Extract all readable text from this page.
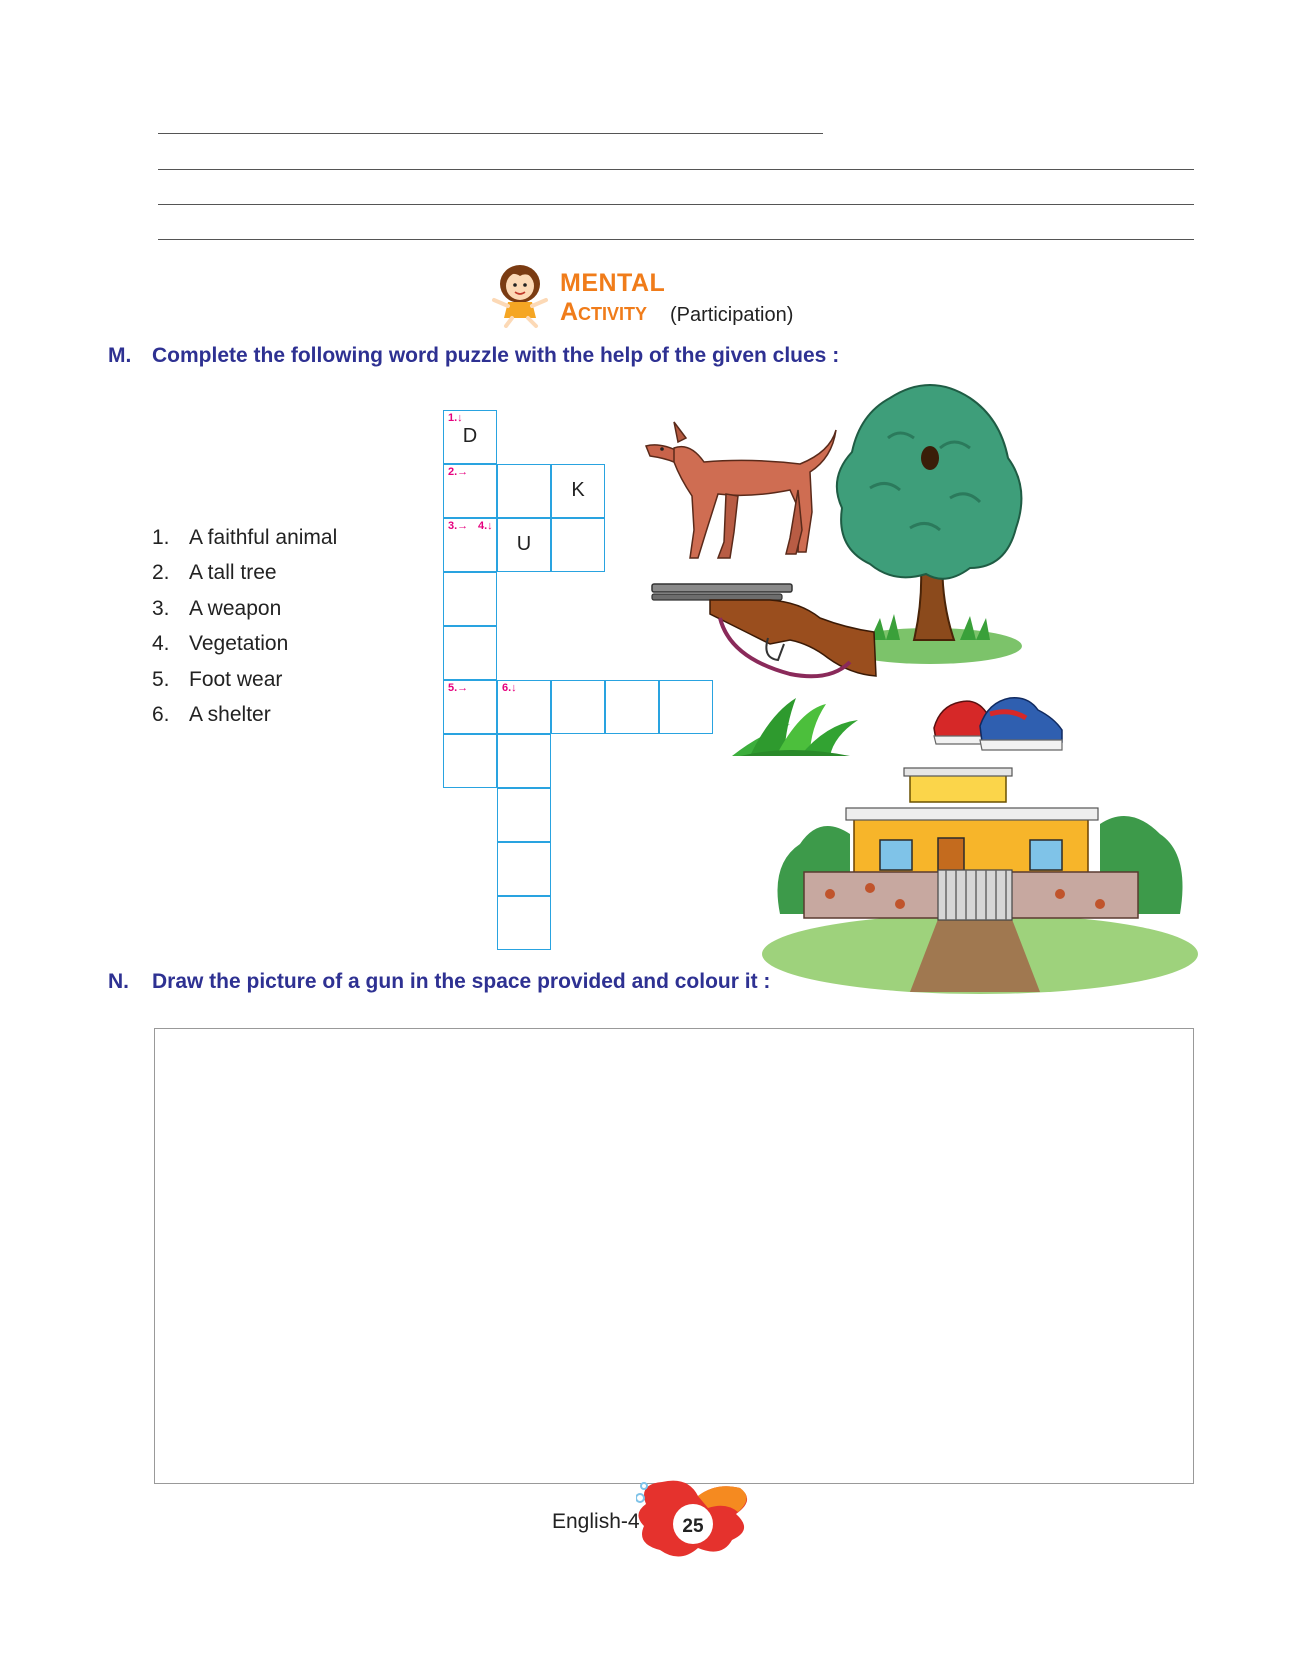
MENTAL
Activity (Participation)
M. Complete the following word puzzle with the help of the given clues :
1. A faithful animal
2. A tall tree
3. A weapon
4. Vegetation
5. Foot wear
6. A shelter
1.↓
D
2.→
3.→ 4.↓
5.→
U
6.↓
K
N. Draw the picture of a gun in the space provided and colour it :
English-4	25
